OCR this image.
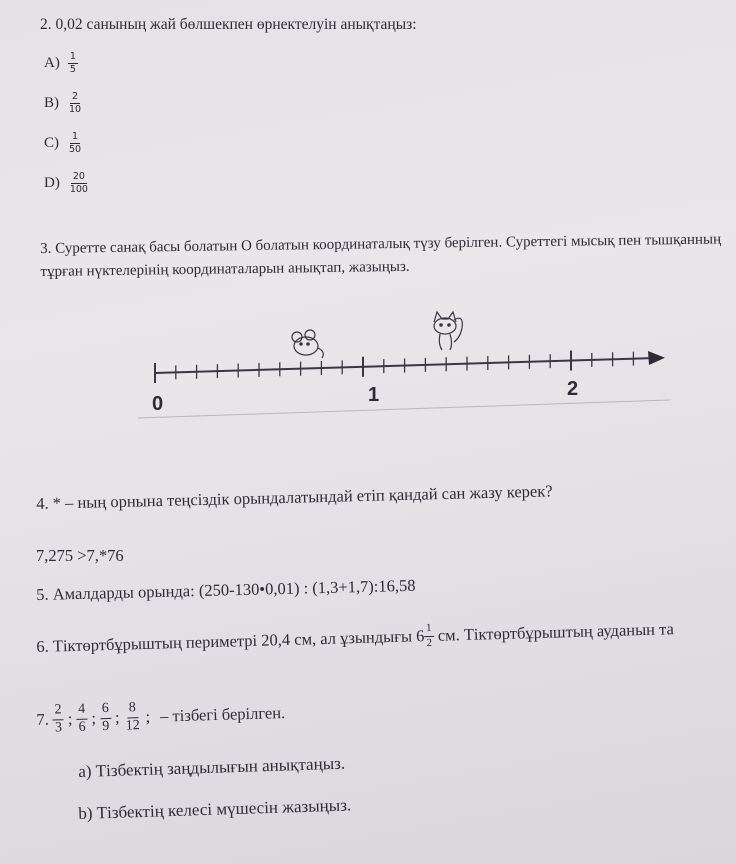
2. 0,02 санының жай бөлшекпен өрнектелуін анықтаңыз:
$A) \frac{1}{5}$
$B) \frac{2}{10}$
$C) \frac{1}{50}$
$D) \frac{20}{100}$
3. Суретте санақ басы болатын О болатын координаталық түзу берілген. Суреттегі мысық пен тышқанның тұрған нүктелерінің координаталарын анықтап, жазыңыз.
0	1	2
4. * – ның орнына теңсіздік орындалатындай етіп қандай сан жазу керек?
7,275 >7,*76
5. Амалдарды орында: (250-130•0,01) : (1,3+1,7):16,58
6. Тіктөртбұрыштың периметрі 20,4 см, ал ұзындығы $6 \frac{1}{2}$ см. Тіктөртбұрыштың ауданын та
7. $\frac{2}{3}$ ; $\frac{4}{6}$ ; $\frac{6}{9}$ ; $\frac{8}{12}$ ; – тізбегі берілген.
a) Тізбектің заңдылығын анықтаңыз.
b) Тізбектің келесі мүшесін жазыңыз.
